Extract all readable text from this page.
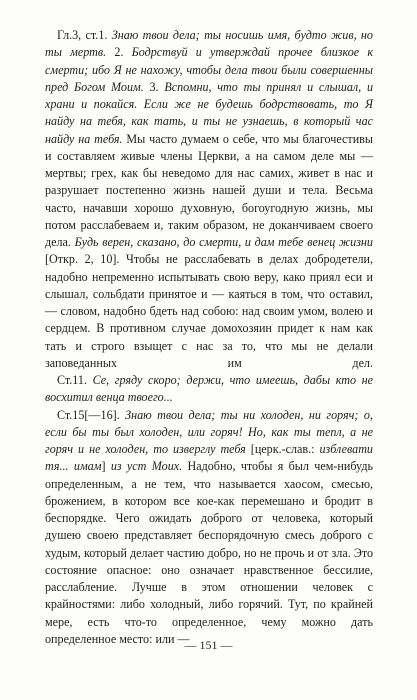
Гл.3, ст.1. Знаю твои дела; ты носишь имя, будто жив, но ты мертв. 2. Бодрствуй и утверждай прочее близкое к смерти; ибо Я не нахожу, чтобы дела твои были совершенны пред Богом Моим. 3. Вспомни, что ты принял и слышал, и храни и покайся. Если же не будешь бодрствовать, то Я найду на тебя, как тать, и ты не узнаешь, в который час найду на тебя. Мы часто думаем о себе, что мы благочестивы и составляем живые члены Церкви, а на самом деле мы — мертвы; грех, как бы неведомо для нас самих, живет в нас и разрушает постепенно жизнь нашей души и тела. Весьма часто, начавши хорошо духовную, богоугодную жизнь, мы потом расслабеваем и, таким образом, не доканчиваем своего дела. Будь верен, сказано, до смерти, и дам тебе венец жизни [Откр. 2, 10]. Чтобы не расслабевать в делах добродетели, надобно непременно испытывать свою веру, како приял еси и слышал, сольбдати принятое и — каяться в том, что оставил, — словом, надобно бдеть над собою: над своим умом, волею и сердцем. В противном случае домохозяин придет к нам как тать и строго взыщет с нас за то, что мы не делали заповеданных им дел.

Ст.11. Се, гряду скоро; держи, что имеешь, дабы кто не восхитил венца твоего...

Ст.15[—16]. Знаю твои дела; ты ни холоден, ни горяч; о, если бы ты был холоден, или горяч! Но, как ты тепл, а не горяч и не холоден, то изверглу тебя [церк.-слав.: изблевати тя... имам] из уст Моих. Надобно, чтобы я был чем-нибудь определенным, а не тем, что называется хаосом, смесью, брожением, в котором все кое-как перемешано и бродит в беспорядке. Чего ожидать доброго от человека, который душею своею представляет беспорядочную смесь доброго с худым, который делает частию добро, но не прочь и от зла. Это состояние опасное: оно означает нравственное бессилие, расслабление. Лучше в этом отношении человек с крайностями: либо холодный, либо горячий. Тут, по крайней мере, есть что-то определенное, чему можно дать определенное место: или —

— 151 —
